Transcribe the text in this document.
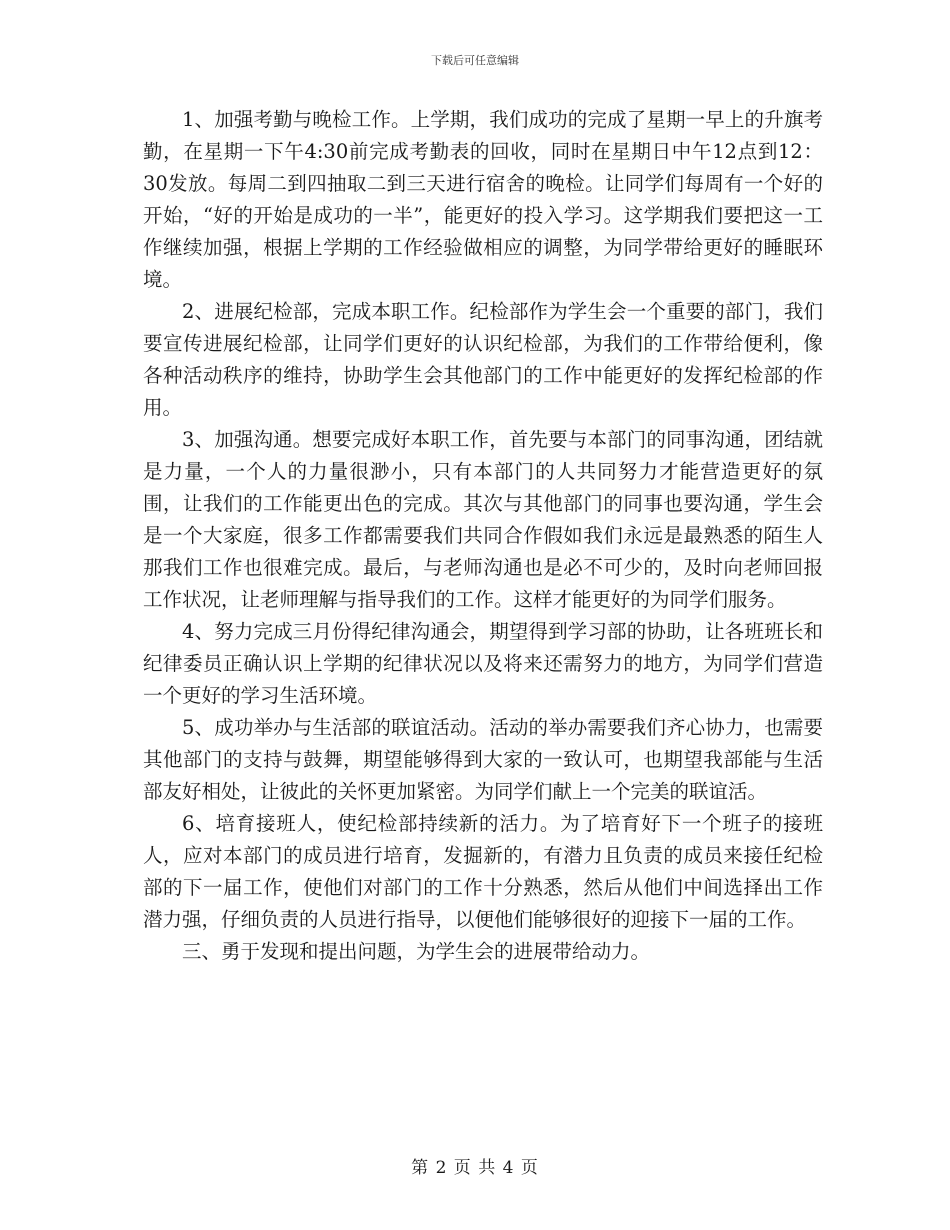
下载后可任意编辑

1、加强考勤与晚检工作。上学期，我们成功的完成了星期一早上的升旗考勤，在星期一下午4:30前完成考勤表的回收，同时在星期日中午12点到12：30发放。每周二到四抽取二到三天进行宿舍的晚检。让同学们每周有一个好的开始，“好的开始是成功的一半”，能更好的投入学习。这学期我们要把这一工作继续加强，根据上学期的工作经验做相应的调整，为同学带给更好的睡眠环境。

2、进展纪检部，完成本职工作。纪检部作为学生会一个重要的部门，我们要宣传进展纪检部，让同学们更好的认识纪检部，为我们的工作带给便利，像各种活动秩序的维持，协助学生会其他部门的工作中能更好的发挥纪检部的作用。

3、加强沟通。想要完成好本职工作，首先要与本部门的同事沟通，团结就是力量，一个人的力量很渺小，只有本部门的人共同努力才能营造更好的氛围，让我们的工作能更出色的完成。其次与其他部门的同事也要沟通，学生会是一个大家庭，很多工作都需要我们共同合作假如我们永远是最熟悉的陌生人那我们工作也很难完成。最后，与老师沟通也是必不可少的，及时向老师回报工作状况，让老师理解与指导我们的工作。这样才能更好的为同学们服务。

4、努力完成三月份得纪律沟通会，期望得到学习部的协助，让各班班长和纪律委员正确认识上学期的纪律状况以及将来还需努力的地方，为同学们营造一个更好的学习生活环境。

5、成功举办与生活部的联谊活动。活动的举办需要我们齐心协力，也需要其他部门的支持与鼓舞，期望能够得到大家的一致认可，也期望我部能与生活部友好相处，让彼此的关怀更加紧密。为同学们献上一个完美的联谊活。

6、培育接班人，使纪检部持续新的活力。为了培育好下一个班子的接班人，应对本部门的成员进行培育，发掘新的，有潜力且负责的成员来接任纪检部的下一届工作，使他们对部门的工作十分熟悉，然后从他们中间选择出工作潜力强，仔细负责的人员进行指导，以便他们能够很好的迎接下一届的工作。

三、勇于发现和提出问题，为学生会的进展带给动力。

第 2 页 共 4 页
